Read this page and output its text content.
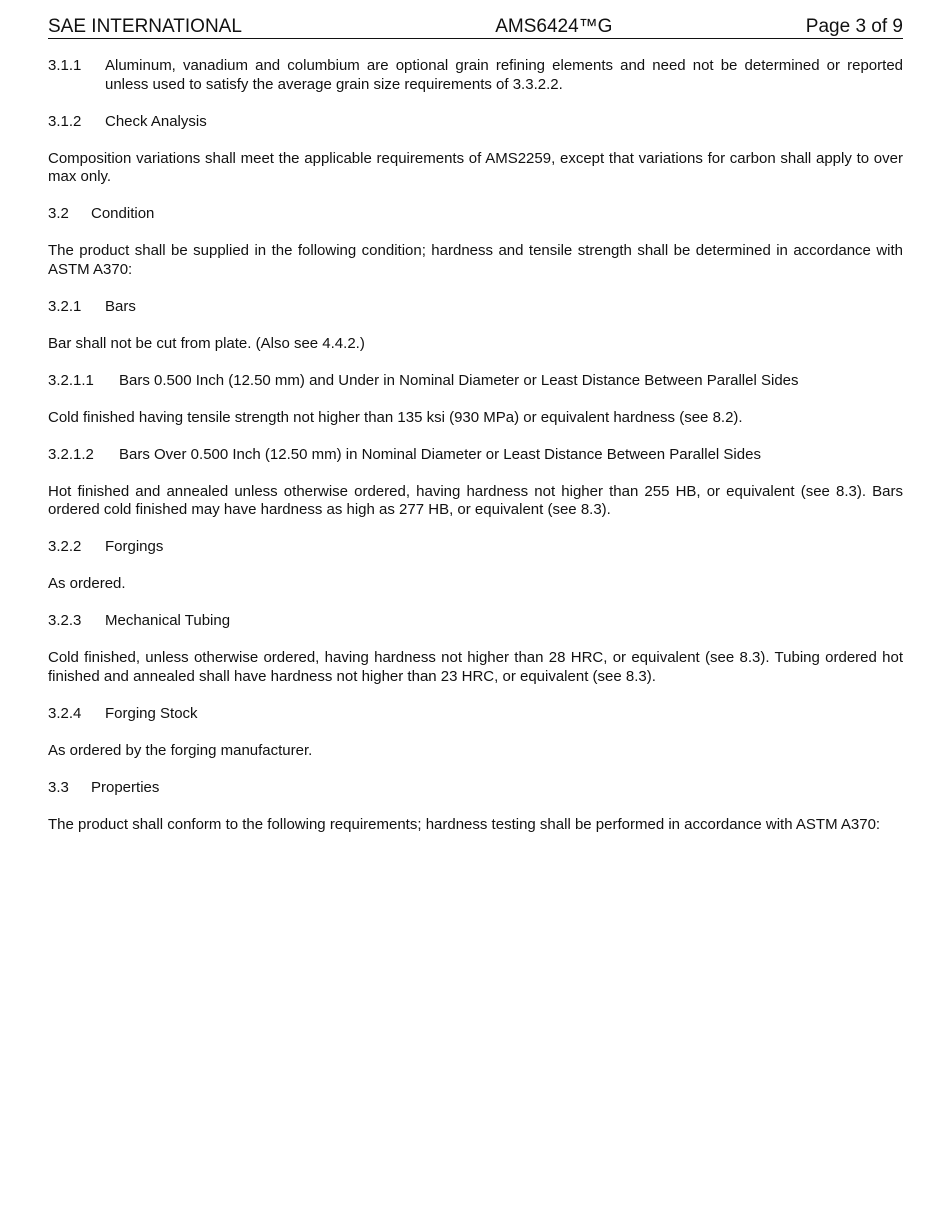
SAE INTERNATIONAL	AMS6424™G	Page 3 of 9
3.1.1	Aluminum, vanadium and columbium are optional grain refining elements and need not be determined or reported unless used to satisfy the average grain size requirements of 3.3.2.2.
3.1.2	Check Analysis
Composition variations shall meet the applicable requirements of AMS2259, except that variations for carbon shall apply to over max only.
3.2	Condition
The product shall be supplied in the following condition; hardness and tensile strength shall be determined in accordance with ASTM A370:
3.2.1	Bars
Bar shall not be cut from plate. (Also see 4.4.2.)
3.2.1.1	Bars 0.500 Inch (12.50 mm) and Under in Nominal Diameter or Least Distance Between Parallel Sides
Cold finished having tensile strength not higher than 135 ksi (930 MPa) or equivalent hardness (see 8.2).
3.2.1.2	Bars Over 0.500 Inch (12.50 mm) in Nominal Diameter or Least Distance Between Parallel Sides
Hot finished and annealed unless otherwise ordered, having hardness not higher than 255 HB, or equivalent (see 8.3). Bars ordered cold finished may have hardness as high as 277 HB, or equivalent (see 8.3).
3.2.2	Forgings
As ordered.
3.2.3	Mechanical Tubing
Cold finished, unless otherwise ordered, having hardness not higher than 28 HRC, or equivalent (see 8.3). Tubing ordered hot finished and annealed shall have hardness not higher than 23 HRC, or equivalent (see 8.3).
3.2.4	Forging Stock
As ordered by the forging manufacturer.
3.3	Properties
The product shall conform to the following requirements; hardness testing shall be performed in accordance with ASTM A370:
